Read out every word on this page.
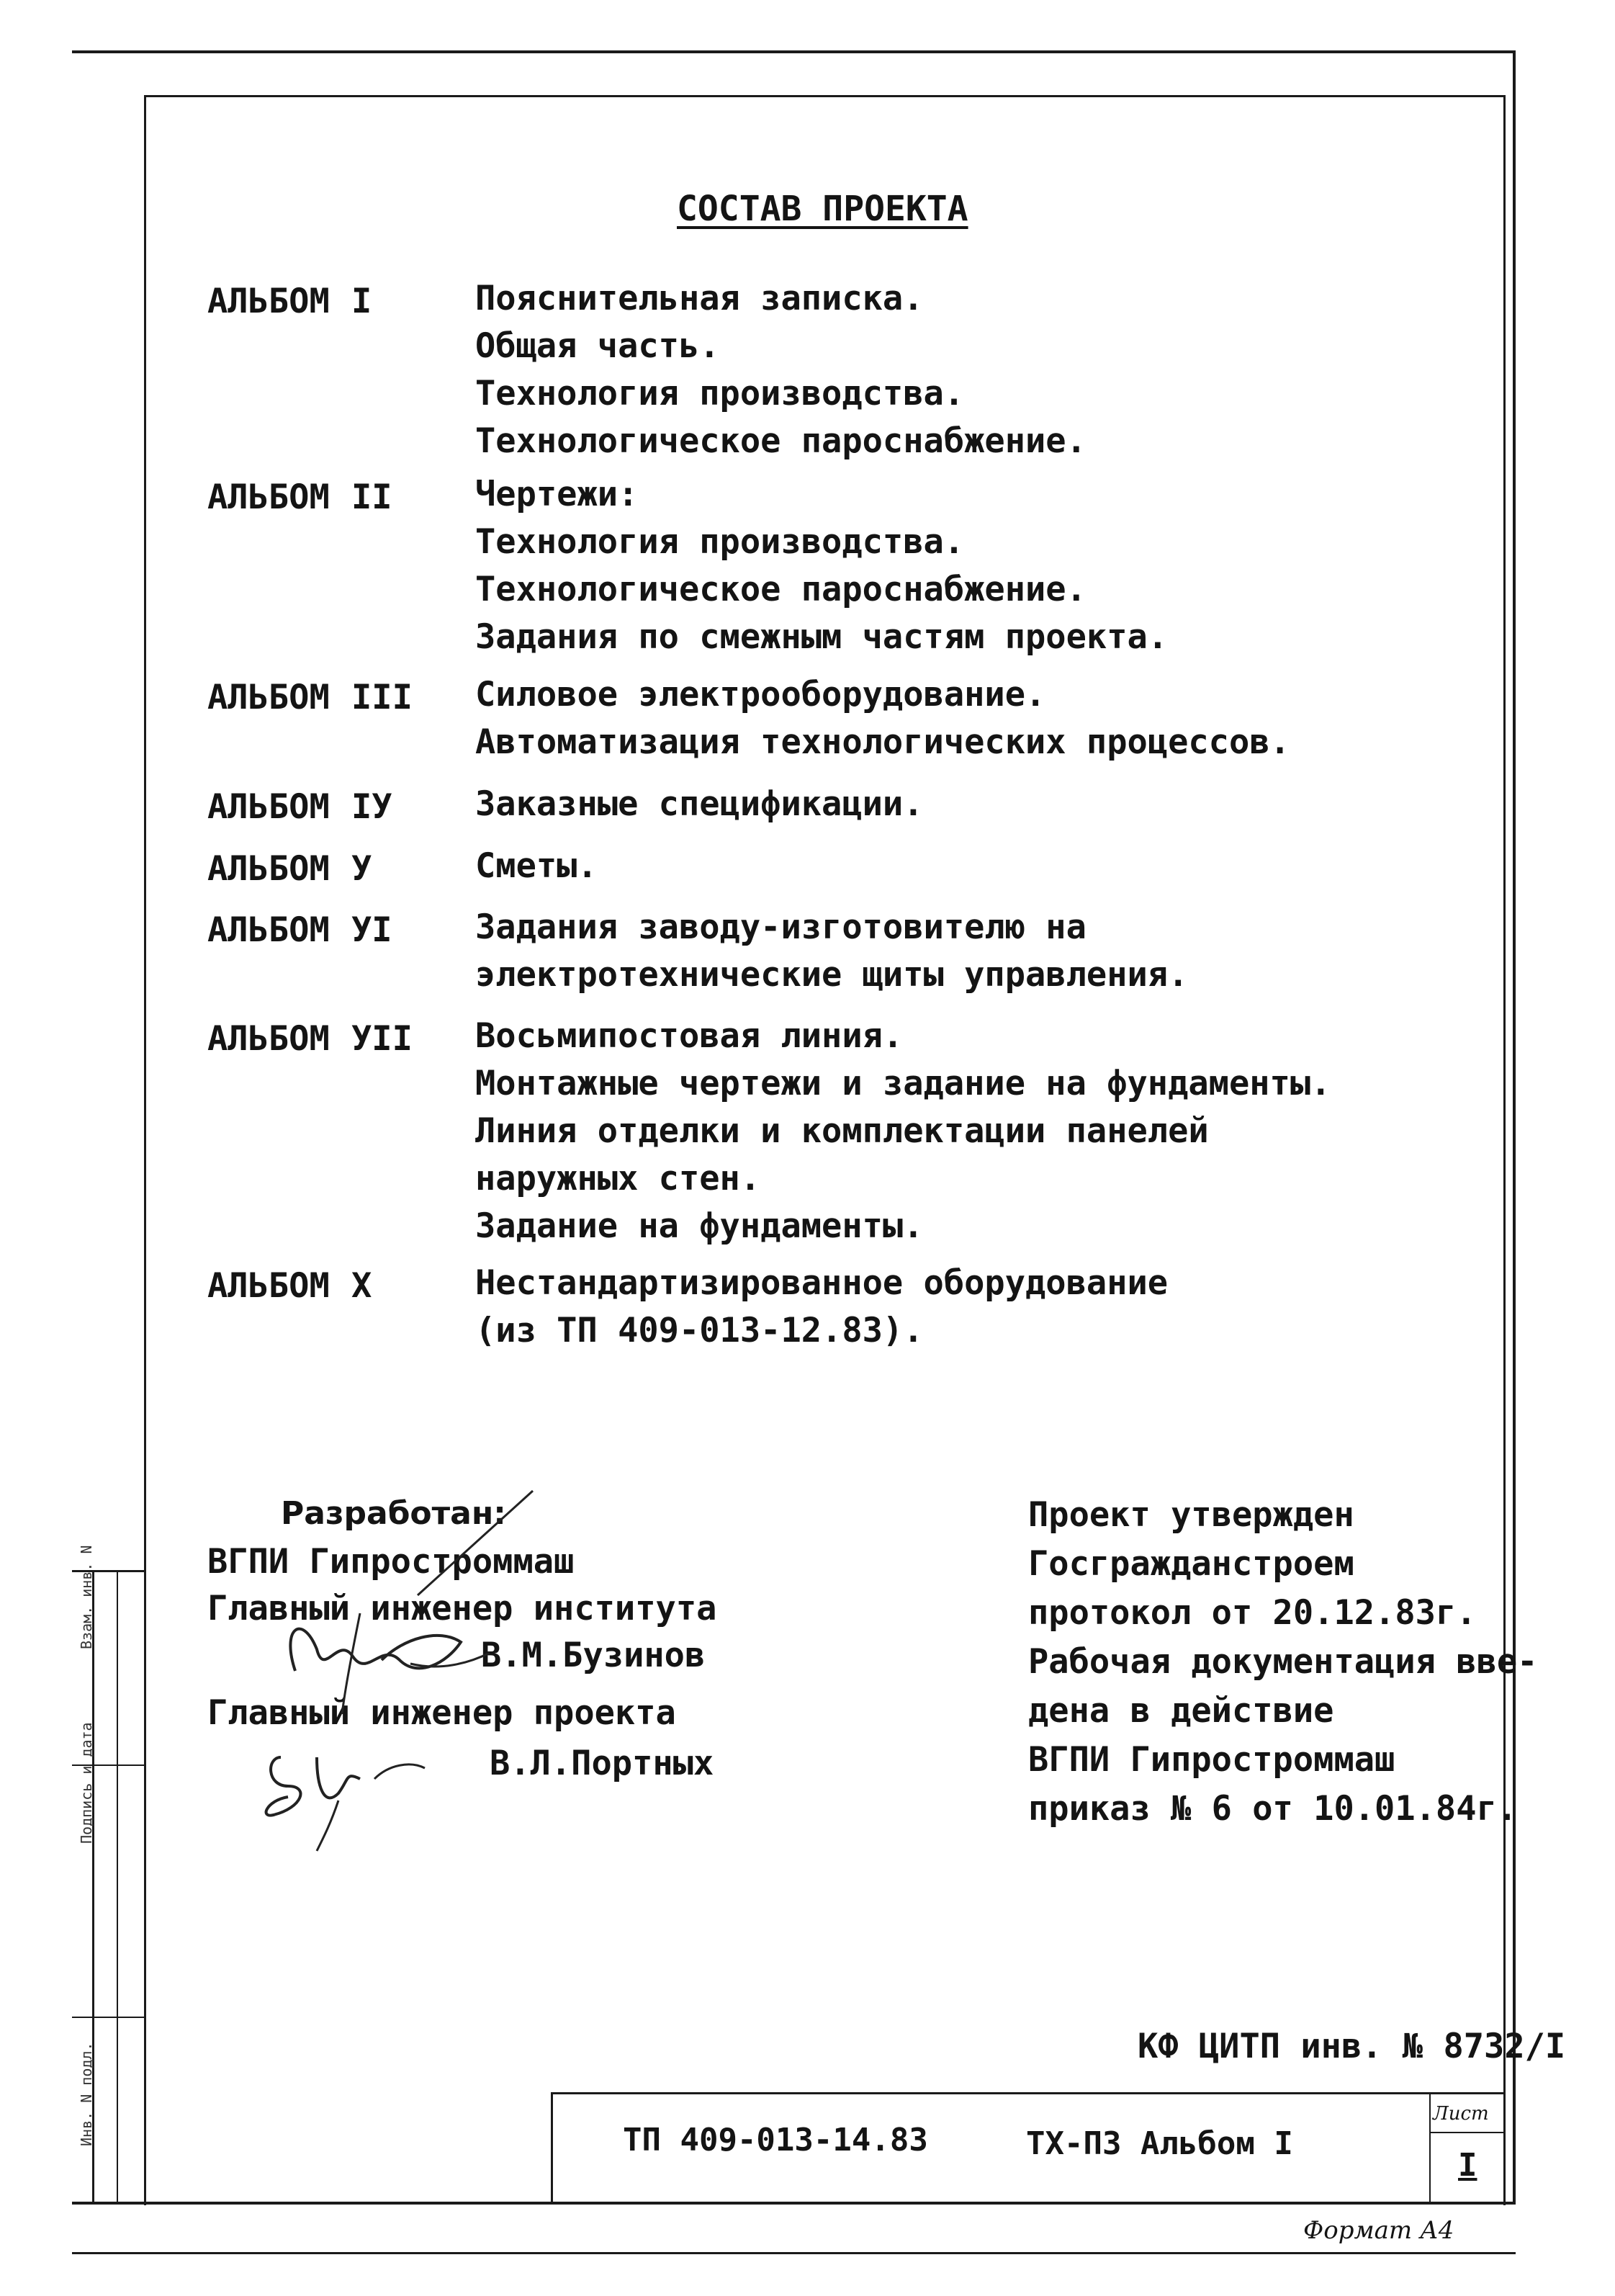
Взам. инв. N
Подпись и дата
Инв. N подл.
СОСТАВ ПРОЕКТА
АЛЬБОМ I	Пояснительная записка.
Общая часть.
Технология производства.
Технологическое пароснабжение.
АЛЬБОМ II Чертежи:
Технология производства.
Технологическое пароснабжение.
Задания по смежным частям проекта.
АЛЬБОМ III Силовое электрооборудование.
Автоматизация технологических процессов.
АЛЬБОМ IУ Заказные спецификации.
АЛЬБОМ У	Сметы.
АЛЬБОМ УI Задания заводу-изготовителю на
электротехнические щиты управления.
АЛЬБОМ УII Восьмипостовая линия.
Монтажные чертежи и задание на фундаменты.
Линия отделки и комплектации панелей
наружных стен.
Задание на фундаменты.
АЛЬБОМ X	Нестандартизированное оборудование
(из ТП 409-013-12.83).
Разработан:
ВГПИ Гипростроммаш
Главный инженер института
В.М.Бузинов
Главный инженер проекта
В.Л.Портных
Проект утвержден
Госгражданстроем
протокол от 20.12.83г.
Рабочая документация вве-
дена в действие
ВГПИ Гипростроммаш
приказ № 6 от 10.01.84г.
КФ ЦИТП инв. № 8732/I
ТП 409-013-14.83	ТХ-ПЗ Альбом I
Лист
I
Формат А4
